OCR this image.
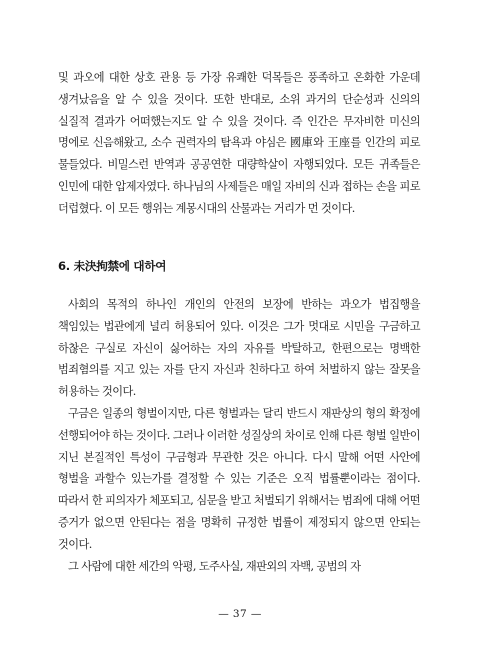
및 과오에 대한 상호 관용 등 가장 유쾌한 덕목들은 풍족하고 온화한 가운데 생겨났음을 알 수 있을 것이다. 또한 반대로, 소위 과거의 단순성과 신의의 실질적 결과가 어떠했는지도 알 수 있을 것이다. 즉 인간은 무자비한 미신의 명에로 신음해왔고, 소수 권력자의 탐욕과 야심은 國庫와 王座를 인간의 피로 물들었다. 비밀스런 반역과 공공연한 대량학살이 자행되었다. 모든 귀족들은 인민에 대한 압제자였다. 하나님의 사제들은 매일 자비의 신과 접하는 손을 피로 더럽혔다. 이 모든 행위는 계몽시대의 산물과는 거리가 먼 것이다.

6. 未決拘禁에 대하여

사회의 목적의 하나인 개인의 안전의 보장에 반하는 과오가 법집행을 책임있는 법관에게 널리 허용되어 있다. 이것은 그가 멋대로 시민을 구금하고 하찮은 구실로 자신이 싫어하는 자의 자유를 박탈하고, 한편으로는 명백한 범죄혐의를 지고 있는 자를 단지 자신과 친하다고 하여 처벌하지 않는 잘못을 허용하는 것이다.

구금은 일종의 형벌이지만, 다른 형벌과는 달리 반드시 재판상의 형의 확정에 선행되어야 하는 것이다. 그러나 이러한 성질상의 차이로 인해 다른 형벌 일반이 지닌 본질적인 특성이 구금형과 무관한 것은 아니다. 다시 말해 어떤 사안에 형벌을 과할수 있는가를 결정할 수 있는 기준은 오직 법률뿐이라는 점이다. 따라서 한 피의자가 체포되고, 심문을 받고 처벌되기 위해서는 범죄에 대해 어떤 증거가 없으면 안된다는 점을 명확히 규정한 법률이 제정되지 않으면 안되는 것이다.

그 사람에 대한 세간의 악평, 도주사실, 재판외의 자백, 공범의 자

— 37 —
